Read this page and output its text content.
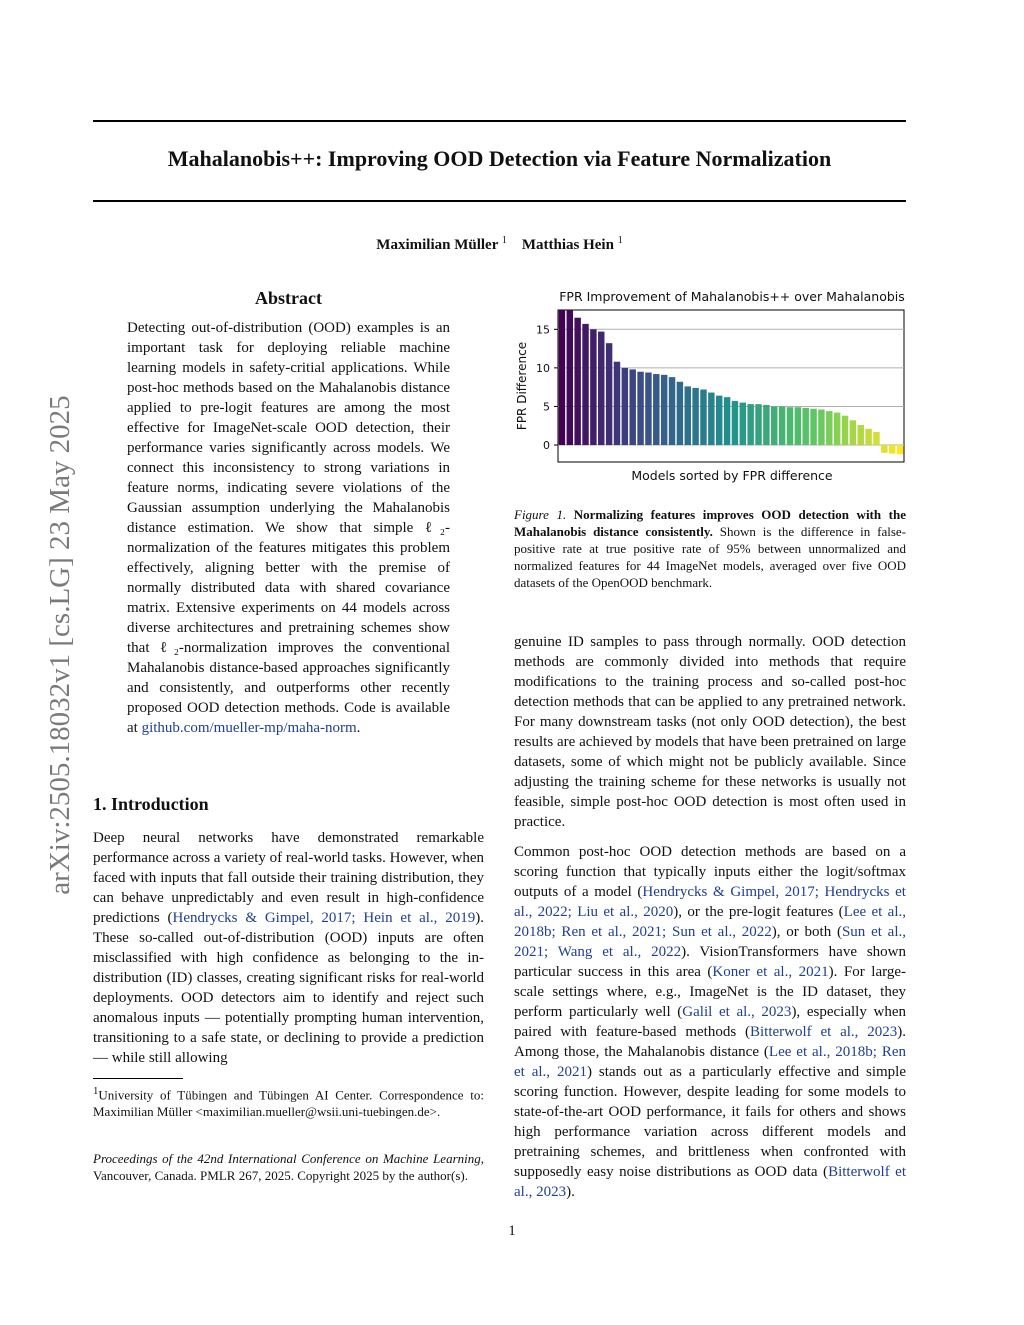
arXiv:2505.18032v1 [cs.LG] 23 May 2025
Mahalanobis++: Improving OOD Detection via Feature Normalization
Maximilian Müller $^1$ Matthias Hein $^1$
Abstract
Detecting out-of-distribution (OOD) examples is an important task for deploying reliable machine learning models in safety-critial applications. While post-hoc methods based on the Mahalanobis distance applied to pre-logit features are among the most effective for ImageNet-scale OOD detection, their performance varies significantly across models. We connect this inconsistency to strong variations in feature norms, indicating severe violations of the Gaussian assumption underlying the Mahalanobis distance estimation. We show that simple ℓ₂-normalization of the features mitigates this problem effectively, aligning better with the premise of normally distributed data with shared covariance matrix. Extensive experiments on 44 models across diverse architectures and pretraining schemes show that ℓ₂-normalization improves the conventional Mahalanobis distance-based approaches significantly and consistently, and outperforms other recently proposed OOD detection methods. Code is available at github.com/mueller-mp/maha-norm.
1. Introduction
Deep neural networks have demonstrated remarkable performance across a variety of real-world tasks. However, when faced with inputs that fall outside their training distribution, they can behave unpredictably and even result in high-confidence predictions (Hendrycks & Gimpel, 2017; Hein et al., 2019). These so-called out-of-distribution (OOD) inputs are often misclassified with high confidence as belonging to the in-distribution (ID) classes, creating significant risks for real-world deployments. OOD detectors aim to identify and reject such anomalous inputs — potentially prompting human intervention, transitioning to a safe state, or declining to provide a prediction — while still allowing
$^1$University of Tübingen and Tübingen AI Center. Correspondence to: Maximilian Müller <maximilian.mueller@wsii.uni-tuebingen.de>.
Proceedings of the 42nd International Conference on Machine Learning, Vancouver, Canada. PMLR 267, 2025. Copyright 2025 by the author(s).
FPR Improvement of Mahalanobis++ over Mahalanobis
0
5
10
15
Models sorted by FPR difference
FPR Difference
Figure 1. Normalizing features improves OOD detection with the Mahalanobis distance consistently. Shown is the difference in false-positive rate at true positive rate of 95% between unnormalized and normalized features for 44 ImageNet models, averaged over five OOD datasets of the OpenOOD benchmark.
genuine ID samples to pass through normally. OOD detection methods are commonly divided into methods that require modifications to the training process and so-called post-hoc detection methods that can be applied to any pretrained network. For many downstream tasks (not only OOD detection), the best results are achieved by models that have been pretrained on large datasets, some of which might not be publicly available. Since adjusting the training scheme for these networks is usually not feasible, simple post-hoc OOD detection is most often used in practice.
Common post-hoc OOD detection methods are based on a scoring function that typically inputs either the logit/softmax outputs of a model (Hendrycks & Gimpel, 2017; Hendrycks et al., 2022; Liu et al., 2020), or the pre-logit features (Lee et al., 2018b; Ren et al., 2021; Sun et al., 2022), or both (Sun et al., 2021; Wang et al., 2022). VisionTransformers have shown particular success in this area (Koner et al., 2021). For large-scale settings where, e.g., ImageNet is the ID dataset, they perform particularly well (Galil et al., 2023), especially when paired with feature-based methods (Bitterwolf et al., 2023). Among those, the Mahalanobis distance (Lee et al., 2018b; Ren et al., 2021) stands out as a particularly effective and simple scoring function. However, despite leading for some models to state-of-the-art OOD performance, it fails for others and shows high performance variation across different models and pretraining schemes, and brittleness when confronted with supposedly easy noise distributions as OOD data (Bitterwolf et al., 2023).
1
